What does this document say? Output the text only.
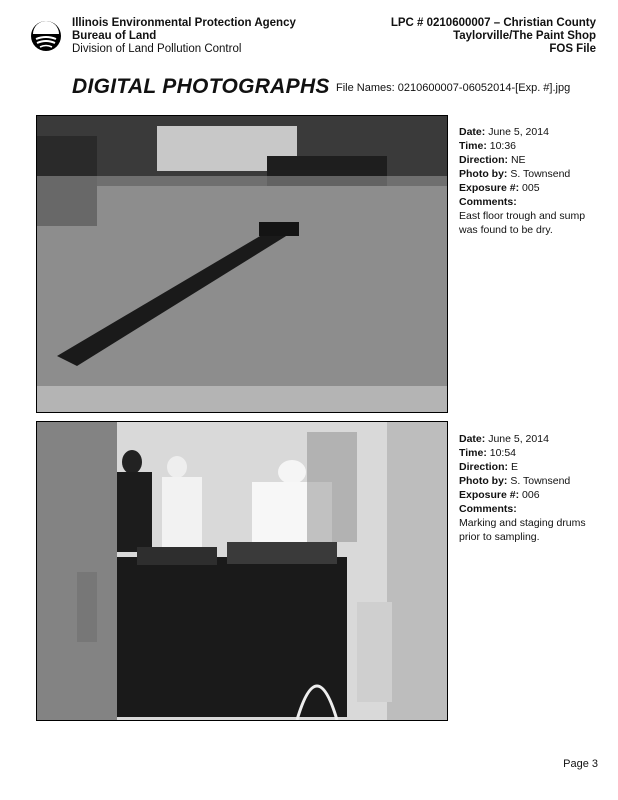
Illinois Environmental Protection Agency
Bureau of Land
Division of Land Pollution Control
LPC # 0210600007 – Christian County
Taylorville/The Paint Shop
FOS File
DIGITAL PHOTOGRAPHS File Names: 0210600007-06052014-[Exp. #].jpg
Date: June 5, 2014
Time: 10:36
Direction: NE
Photo by: S. Townsend
Exposure #: 005
Comments:
East floor trough and sump was found to be dry.
Date: June 5, 2014
Time: 10:54
Direction: E
Photo by: S. Townsend
Exposure #: 006
Comments:
Marking and staging drums prior to sampling.
Page 3
